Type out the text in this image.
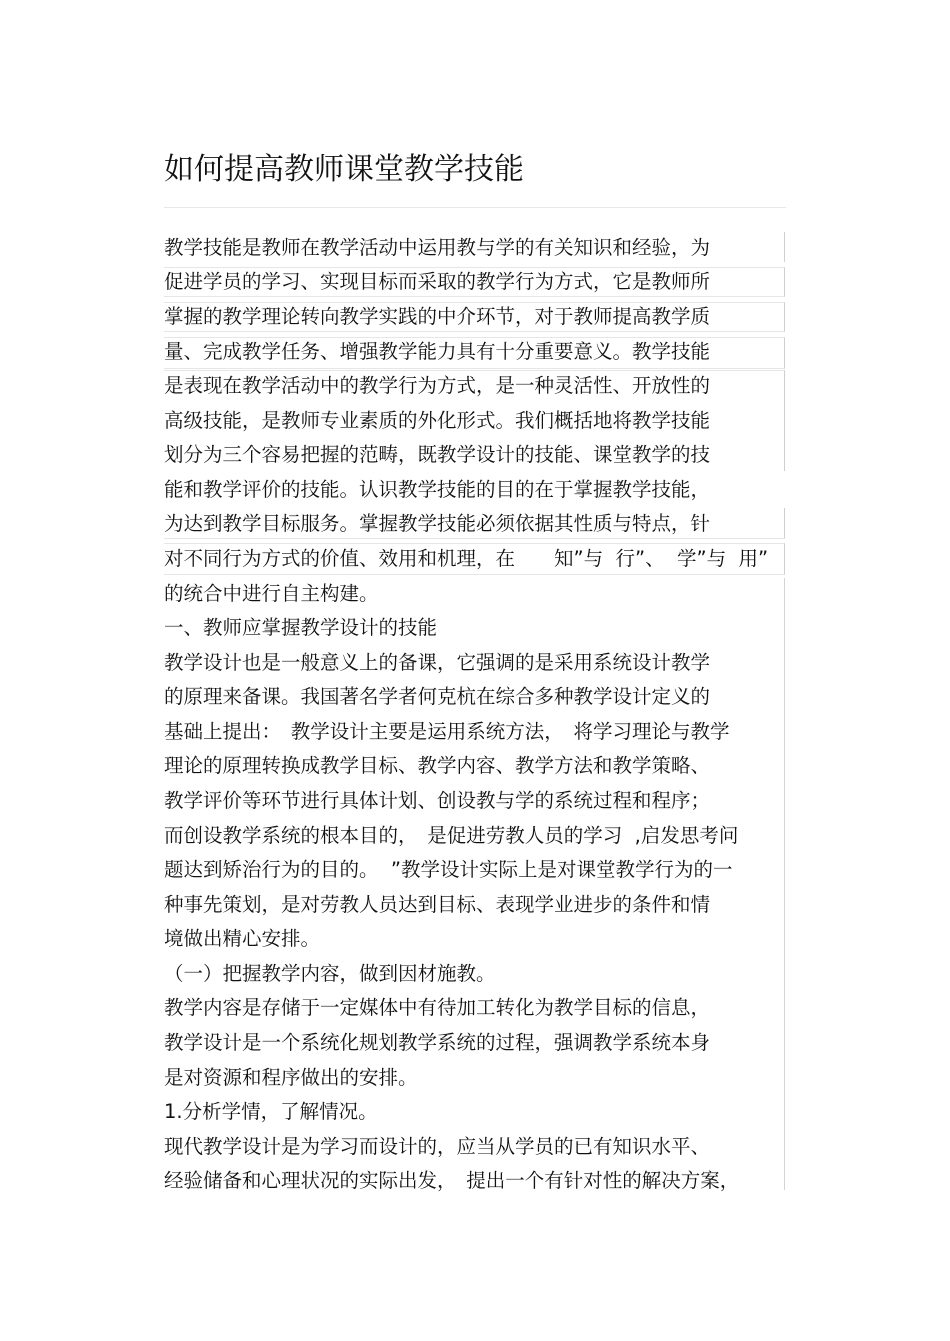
如何提高教师课堂教学技能
教学技能是教师在教学活动中运用教与学的有关知识和经验，为
促进学员的学习、实现目标而采取的教学行为方式，它是教师所
掌握的教学理论转向教学实践的中介环节，对于教师提高教学质
量、完成教学任务、增强教学能力具有十分重要意义。教学技能
是表现在教学活动中的教学行为方式，是一种灵活性、开放性的
高级技能，是教师专业素质的外化形式。我们概括地将教学技能
划分为三个容易把握的范畴，既教学设计的技能、课堂教学的技
能和教学评价的技能。认识教学技能的目的在于掌握教学技能，
为达到教学目标服务。掌握教学技能必须依据其性质与特点，针
对不同行为方式的价值、效用和机理，在　　知”与  行”、  学”与  用”
的统合中进行自主构建。
一、教师应掌握教学设计的技能
教学设计也是一般意义上的备课，它强调的是采用系统设计教学
的原理来备课。我国著名学者何克杭在综合多种教学设计定义的
基础上提出：　教学设计主要是运用系统方法，　将学习理论与教学
理论的原理转换成教学目标、教学内容、教学方法和教学策略、
教学评价等环节进行具体计划、创设教与学的系统过程和程序；
而创设教学系统的根本目的，　是促进劳教人员的学习  ,启发思考问
题达到矫治行为的目的。  ”教学设计实际上是对课堂教学行为的一
种事先策划，是对劳教人员达到目标、表现学业进步的条件和情
境做出精心安排。
（一）把握教学内容，做到因材施教。
教学内容是存储于一定媒体中有待加工转化为教学目标的信息，
教学设计是一个系统化规划教学系统的过程，强调教学系统本身
是对资源和程序做出的安排。
1.分析学情，了解情况。
现代教学设计是为学习而设计的，应当从学员的已有知识水平、
经验储备和心理状况的实际出发，　提出一个有针对性的解决方案，
